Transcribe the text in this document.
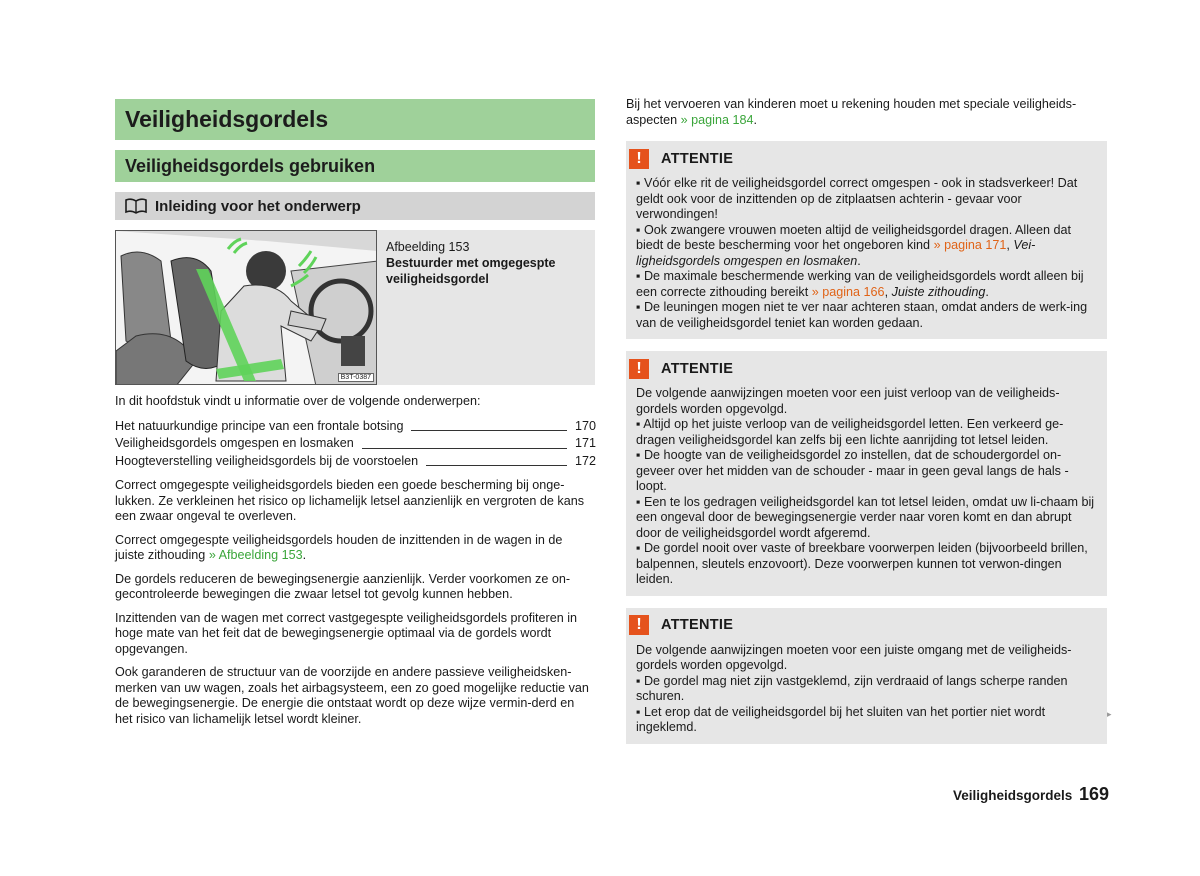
Veiligheidsgordels
Veiligheidsgordels gebruiken
Inleiding voor het onderwerp
B3T-0387
Afbeelding 153
Bestuurder met omgegespte veiligheidsgordel

In dit hoofdstuk vindt u informatie over de volgende onderwerpen:

Het natuurkundige principe van een frontale botsing	170
Veiligheidsgordels omgespen en losmaken	171
Hoogteverstelling veiligheidsgordels bij de voorstoelen	172

Correct omgegespte veiligheidsgordels bieden een goede bescherming bij onge-lukken. Ze verkleinen het risico op lichamelijk letsel aanzienlijk en vergroten de kans een zwaar ongeval te overleven.

Correct omgegespte veiligheidsgordels houden de inzittenden in de wagen in de juiste zithouding » Afbeelding 153.

De gordels reduceren de bewegingsenergie aanzienlijk. Verder voorkomen ze on-gecontroleerde bewegingen die zwaar letsel tot gevolg kunnen hebben.

Inzittenden van de wagen met correct vastgegespte veiligheidsgordels profiteren in hoge mate van het feit dat de bewegingsenergie optimaal via de gordels wordt opgevangen.

Ook garanderen de structuur van de voorzijde en andere passieve veiligheidsken-merken van uw wagen, zoals het airbagsysteem, een zo goed mogelijke reductie van de bewegingsenergie. De energie die ontstaat wordt op deze wijze vermin-derd en het risico van lichamelijk letsel wordt kleiner.

Bij het vervoeren van kinderen moet u rekening houden met speciale veiligheids-aspecten » pagina 184.

!	ATTENTIE

▪ Vóór elke rit de veiligheidsgordel correct omgespen - ook in stadsverkeer! Dat geldt ook voor de inzittenden op de zitplaatsen achterin - gevaar voor verwondingen!

▪ Ook zwangere vrouwen moeten altijd de veiligheidsgordel dragen. Alleen dat biedt de beste bescherming voor het ongeboren kind » pagina 171, Vei-ligheidsgordels omgespen en losmaken.

▪ De maximale beschermende werking van de veiligheidsgordels wordt alleen bij een correcte zithouding bereikt » pagina 166, Juiste zithouding.

▪ De leuningen mogen niet te ver naar achteren staan, omdat anders de werk-ing van de veiligheidsgordel teniet kan worden gedaan.

!	ATTENTIE

De volgende aanwijzingen moeten voor een juist verloop van de veiligheids-gordels worden opgevolgd.

▪ Altijd op het juiste verloop van de veiligheidsgordel letten. Een verkeerd ge-dragen veiligheidsgordel kan zelfs bij een lichte aanrijding tot letsel leiden.

▪ De hoogte van de veiligheidsgordel zo instellen, dat de schoudergordel on-geveer over het midden van de schouder - maar in geen geval langs de hals - loopt.

▪ Een te los gedragen veiligheidsgordel kan tot letsel leiden, omdat uw li-chaam bij een ongeval door de bewegingsenergie verder naar voren komt en dan abrupt door de veiligheidsgordel wordt afgeremd.

▪ De gordel nooit over vaste of breekbare voorwerpen leiden (bijvoorbeeld brillen, balpennen, sleutels enzovoort). Deze voorwerpen kunnen tot verwon-dingen leiden.

!	ATTENTIE

De volgende aanwijzingen moeten voor een juiste omgang met de veiligheids-gordels worden opgevolgd.

▪ De gordel mag niet zijn vastgeklemd, zijn verdraaid of langs scherpe randen schuren.

▪ Let erop dat de veiligheidsgordel bij het sluiten van het portier niet wordt ingeklemd.

▸
Veiligheidsgordels 169
